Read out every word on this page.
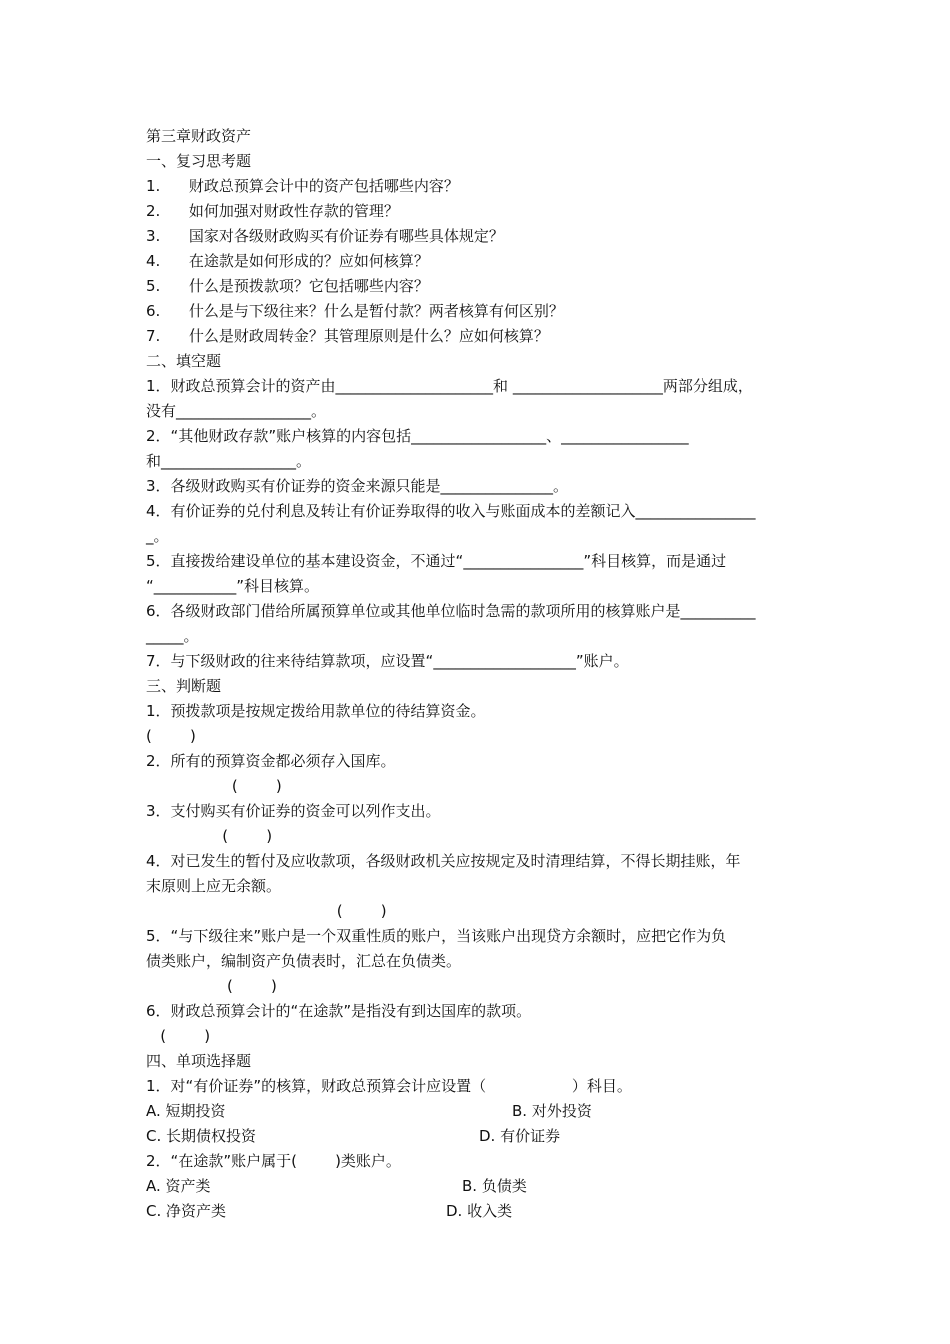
第三章财政资产
一、复习思考题
1.      财政总预算会计中的资产包括哪些内容？
2.      如何加强对财政性存款的管理？
3.      国家对各级财政购买有价证券有哪些具体规定？
4.      在途款是如何形成的？应如何核算？
5.      什么是预拨款项？它包括哪些内容？
6.      什么是与下级往来？什么是暂付款？两者核算有何区别？
7.      什么是财政周转金？其管理原则是什么？应如何核算？
二、填空题
1．财政总预算会计的资产由_____________________和 ____________________两部分组成，
没有__________________。
2．“其他财政存款”账户核算的内容包括__________________、_________________
和__________________。
3．各级财政购买有价证券的资金来源只能是_______________。
4．有价证券的兑付利息及转让有价证券取得的收入与账面成本的差额记入________________
_。
5．直接拨给建设单位的基本建设资金，不通过“________________”科目核算，而是通过
“___________”科目核算。
6．各级财政部门借给所属预算单位或其他单位临时急需的款项所用的核算账户是__________
_____。
7．与下级财政的往来待结算款项，应设置“___________________”账户。
三、判断题
1．预拨款项是按规定拨给用款单位的待结算资金。
(        )
2．所有的预算资金都必须存入国库。
(        )
3．支付购买有价证券的资金可以列作支出。
(        )
4．对已发生的暂付及应收款项，各级财政机关应按规定及时清理结算，不得长期挂账，年
末原则上应无余额。
(        )
5．“与下级往来”账户是一个双重性质的账户，当该账户出现贷方余额时，应把它作为负
债类账户，编制资产负债表时，汇总在负债类。
(        )
6．财政总预算会计的“在途款”是指没有到达国库的款项。
(        )
四、单项选择题
1．对“有价证券”的核算，财政总预算会计应设置（                  ）科目。
A. 短期投资	B. 对外投资
C. 长期债权投资	D. 有价证券
2．“在途款”账户属于(        )类账户。
A. 资产类	B. 负债类
C. 净资产类	D. 收入类
